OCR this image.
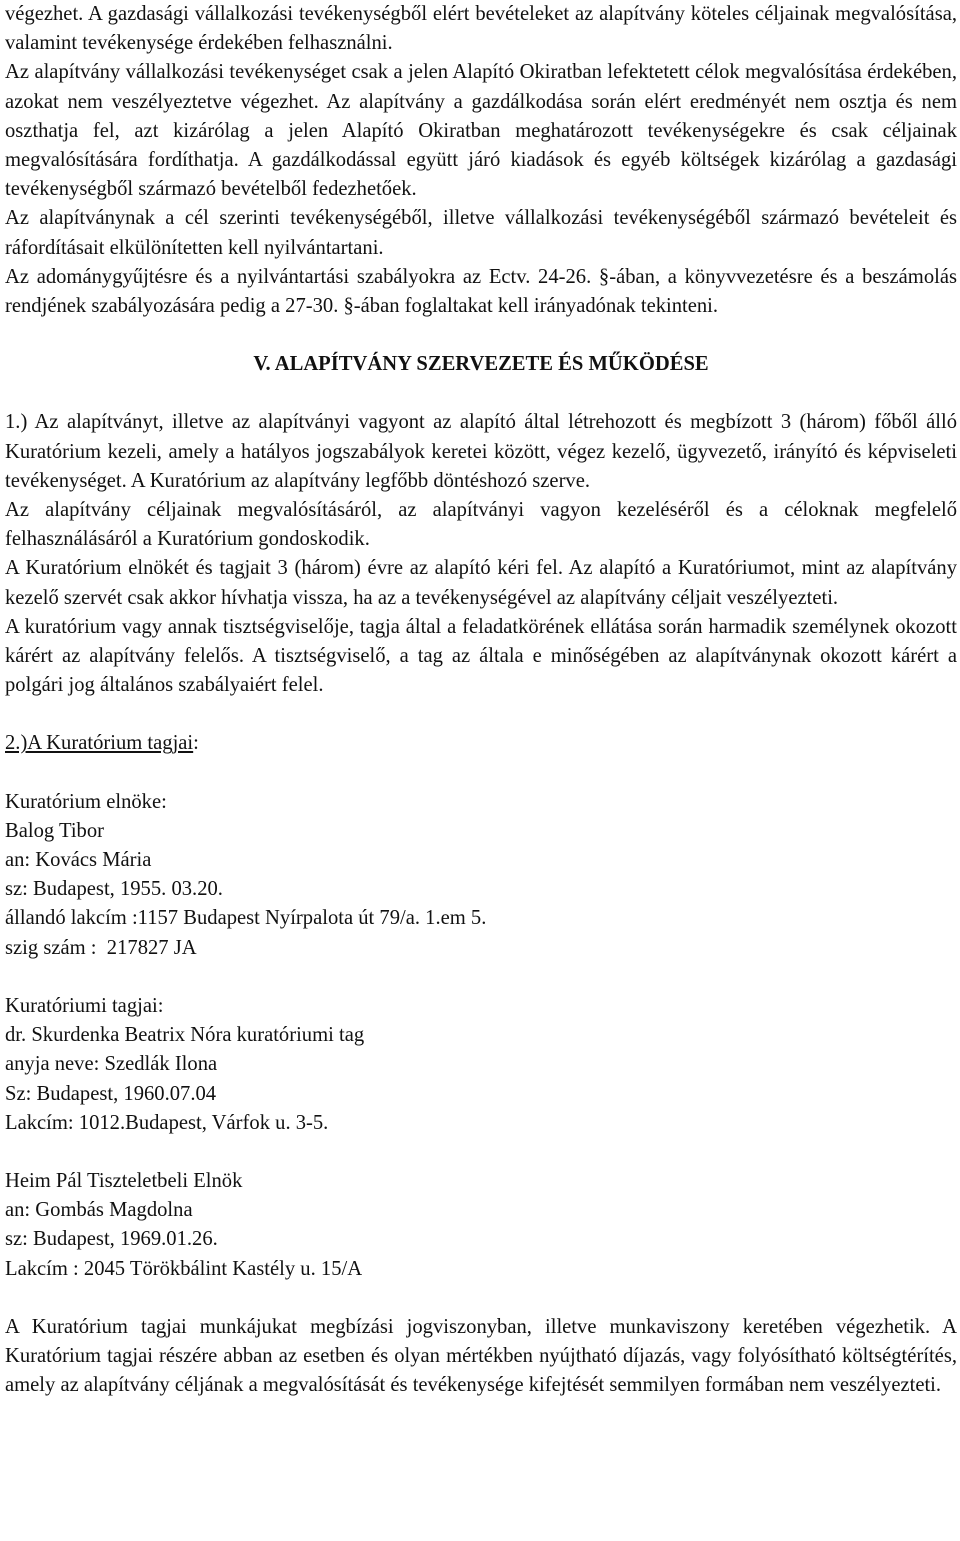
végezhet. A gazdasági vállalkozási tevékenységből elért bevételeket az alapítvány köteles céljainak megvalósítása, valamint tevékenysége érdekében felhasználni.

Az alapítvány vállalkozási tevékenységet csak a jelen Alapító Okiratban lefektetett célok megvalósítása érdekében, azokat nem veszélyeztetve végezhet. Az alapítvány a gazdálkodása során elért eredményét nem osztja és nem oszthatja fel, azt kizárólag a jelen Alapító Okiratban meghatározott tevékenységekre és csak céljainak megvalósítására fordíthatja. A gazdálkodással együtt járó kiadások és egyéb költségek kizárólag a gazdasági tevékenységből származó bevételből fedezhetőek.

Az alapítványnak a cél szerinti tevékenységéből, illetve vállalkozási tevékenységéből származó bevételeit és ráfordításait elkülönítetten kell nyilvántartani.

Az adománygyűjtésre és a nyilvántartási szabályokra az Ectv. 24-26. §-ában, a könyvvezetésre és a beszámolás rendjének szabályozására pedig a 27-30. §-ában foglaltakat kell irányadónak tekinteni.

V. ALAPÍTVÁNY SZERVEZETE ÉS MŰKÖDÉSE

1.) Az alapítványt, illetve az alapítványi vagyont az alapító által létrehozott és megbízott 3 (három) főből álló Kuratórium kezeli, amely a hatályos jogszabályok keretei között, végez kezelő, ügyvezető, irányító és képviseleti tevékenységet. A Kuratórium az alapítvány legfőbb döntéshozó szerve.

Az alapítvány céljainak megvalósításáról, az alapítványi vagyon kezeléséről és a céloknak megfelelő felhasználásáról a Kuratórium gondoskodik.

A Kuratórium elnökét és tagjait 3 (három) évre az alapító kéri fel. Az alapító a Kuratóriumot, mint az alapítvány kezelő szervét csak akkor hívhatja vissza, ha az a tevékenységével az alapítvány céljait veszélyezteti.

A kuratórium vagy annak tisztségviselője, tagja által a feladatkörének ellátása során harmadik személynek okozott kárért az alapítvány felelős. A tisztségviselő, a tag az általa e minőségében az alapítványnak okozott kárért a polgári jog általános szabályaiért felel.

2.)A Kuratórium tagjai:

Kuratórium elnöke:

Balog Tibor

an: Kovács Mária

sz: Budapest, 1955. 03.20.

állandó lakcím :1157 Budapest Nyírpalota út 79/a. 1.em 5.

szig szám :  217827 JA

Kuratóriumi tagjai:

dr. Skurdenka Beatrix Nóra kuratóriumi tag

anyja neve: Szedlák Ilona

Sz: Budapest, 1960.07.04

Lakcím: 1012.Budapest, Várfok u. 3-5.

Heim Pál Tiszteletbeli Elnök

an: Gombás Magdolna

sz: Budapest, 1969.01.26.

Lakcím : 2045 Törökbálint Kastély u. 15/A

A Kuratórium tagjai munkájukat megbízási jogviszonyban, illetve munkaviszony keretében végezhetik. A Kuratórium tagjai részére abban az esetben és olyan mértékben nyújtható díjazás, vagy folyósítható költségtérítés, amely az alapítvány céljának a megvalósítását és tevékenysége kifejtését semmilyen formában nem veszélyezteti.
